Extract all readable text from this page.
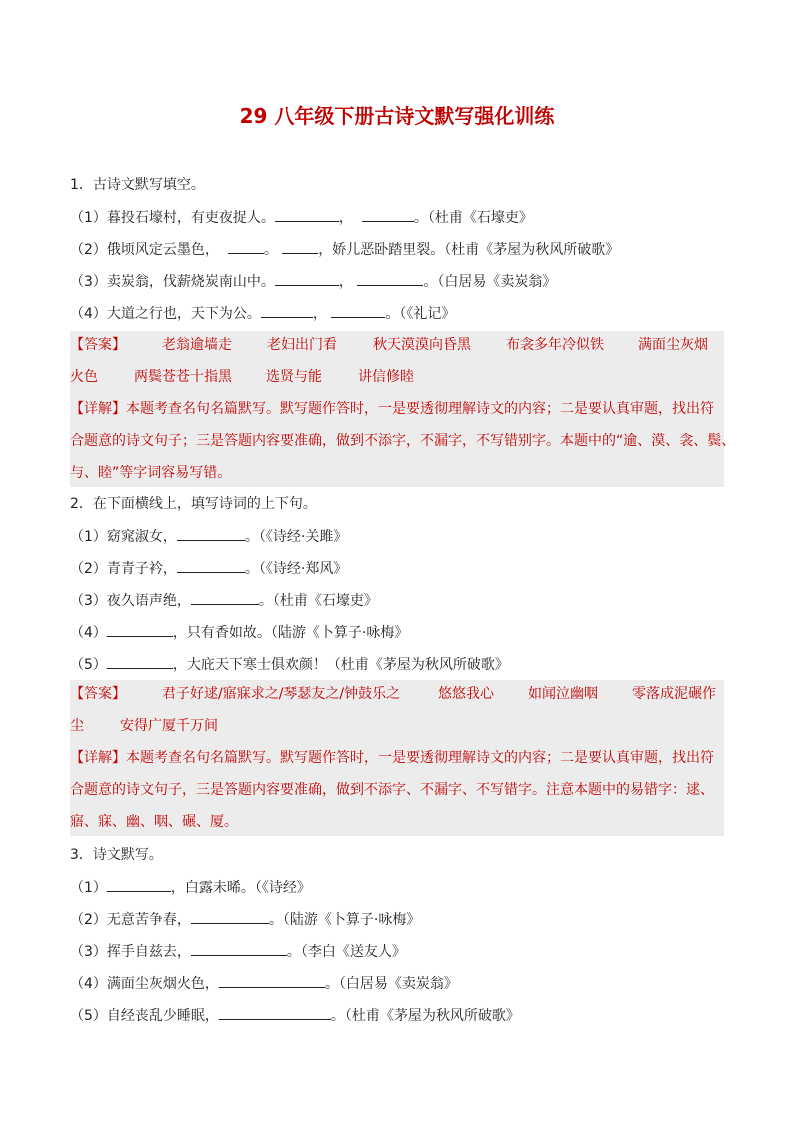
29 八年级下册古诗文默写强化训练
1．古诗文默写填空。
（1）暮投石壕村，有吏夜捉人。	，	。（杜甫《石壕吏》
（2）俄顷风定云墨色，	。	，娇儿恶卧踏里裂。（杜甫《茅屋为秋风所破歌》
（3）卖炭翁，伐薪烧炭南山中。	，	。（白居易《卖炭翁》
（4）大道之行也，天下为公。	，	。（《礼记》
【答案】	老翁逾墙走	老妇出门看	秋天漠漠向昏黑	布衾多年冷似铁 满面尘灰烟
火色	两鬓苍苍十指黑 选贤与能	讲信修睦
【详解】本题考查名句名篇默写。默写题作答时，一是要透彻理解诗文的内容；二是要认真审题，找出符
合题意的诗文句子；三是答题内容要准确，做到不添字，不漏字，不写错别字。本题中的“逾、漠、衾、鬓、
与、睦”等字词容易写错。
2．在下面横线上，填写诗词的上下句。
（1）窈窕淑女，	。（《诗经·关雎》
（2）青青子衿，	。（《诗经·郑风》
（3）夜久语声绝，	。（杜甫《石壕吏》
（4）	，只有香如故。（陆游《卜算子·咏梅》
（5）	，大庇天下寒士俱欢颜！（杜甫《茅屋为秋风所破歌》
【答案】	君子好逑/寤寐求之/琴瑟友之/钟鼓乐之	悠悠我心 如闻泣幽咽 零落成泥碾作
尘	安得广厦千万间
【详解】本题考查名句名篇默写。默写题作答时，一是要透彻理解诗文的内容；二是要认真审题，找出符
合题意的诗文句子，三是答题内容要准确，做到不添字、不漏字、不写错字。注意本题中的易错字：逑、
寤、寐、幽、咽、碾、厦。
3．诗文默写。
（1）	，白露未晞。（《诗经》
（2）无意苦争春，	。（陆游《卜算子·咏梅》
（3）挥手自兹去，	。（李白《送友人》
（4）满面尘灰烟火色，	。（白居易《卖炭翁》
（5）自经丧乱少睡眠，	。（杜甫《茅屋为秋风所破歌》
